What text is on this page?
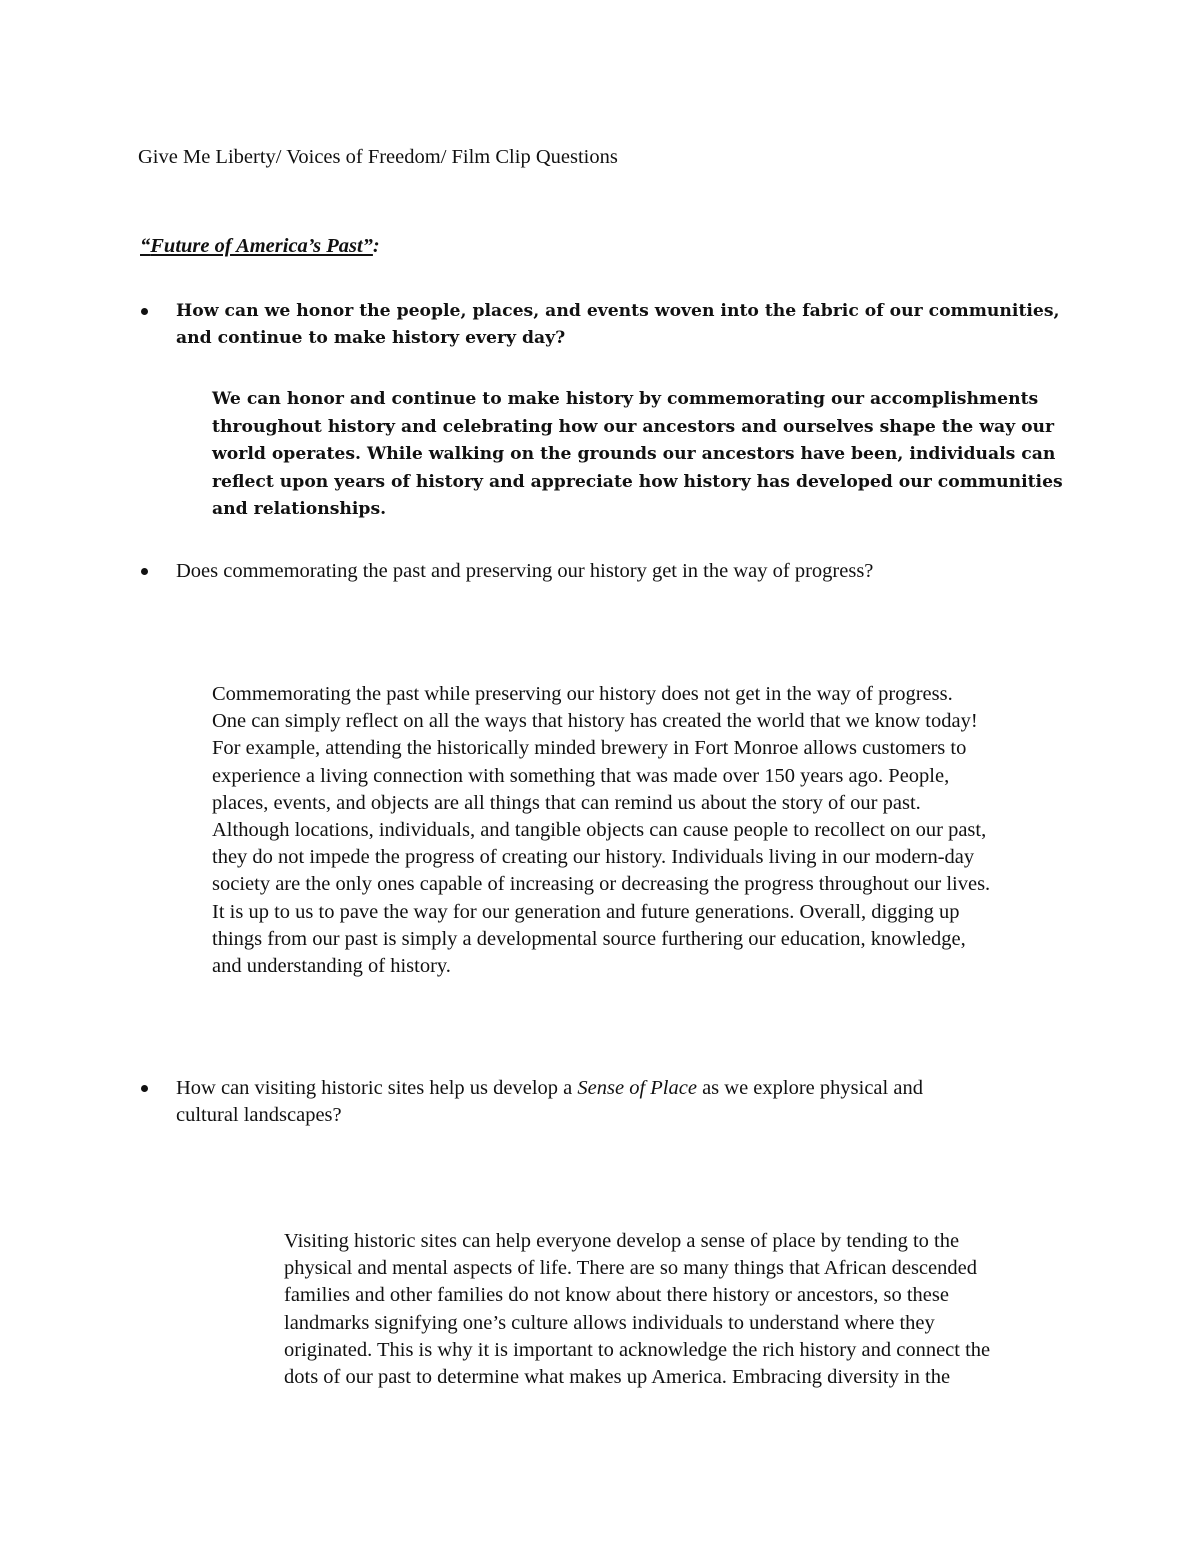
Give Me Liberty/ Voices of Freedom/ Film Clip Questions
“Future of America’s Past”:
How can we honor the people, places, and events woven into the fabric of our communities,
and continue to make history every day?
We can honor and continue to make history by commemorating our accomplishments
throughout history and celebrating how our ancestors and ourselves shape the way our
world operates. While walking on the grounds our ancestors have been, individuals can
reflect upon years of history and appreciate how history has developed our communities
and relationships.
Does commemorating the past and preserving our history get in the way of progress?
Commemorating the past while preserving our history does not get in the way of progress.
One can simply reflect on all the ways that history has created the world that we know today!
For example, attending the historically minded brewery in Fort Monroe allows customers to
experience a living connection with something that was made over 150 years ago. People,
places, events, and objects are all things that can remind us about the story of our past.
Although locations, individuals, and tangible objects can cause people to recollect on our past,
they do not impede the progress of creating our history. Individuals living in our modern-day
society are the only ones capable of increasing or decreasing the progress throughout our lives.
It is up to us to pave the way for our generation and future generations. Overall, digging up
things from our past is simply a developmental source furthering our education, knowledge,
and understanding of history.
How can visiting historic sites help us develop a Sense of Place as we explore physical and
cultural landscapes?
Visiting historic sites can help everyone develop a sense of place by tending to the
physical and mental aspects of life. There are so many things that African descended
families and other families do not know about there history or ancestors, so these
landmarks signifying one’s culture allows individuals to understand where they
originated. This is why it is important to acknowledge the rich history and connect the
dots of our past to determine what makes up America. Embracing diversity in the
